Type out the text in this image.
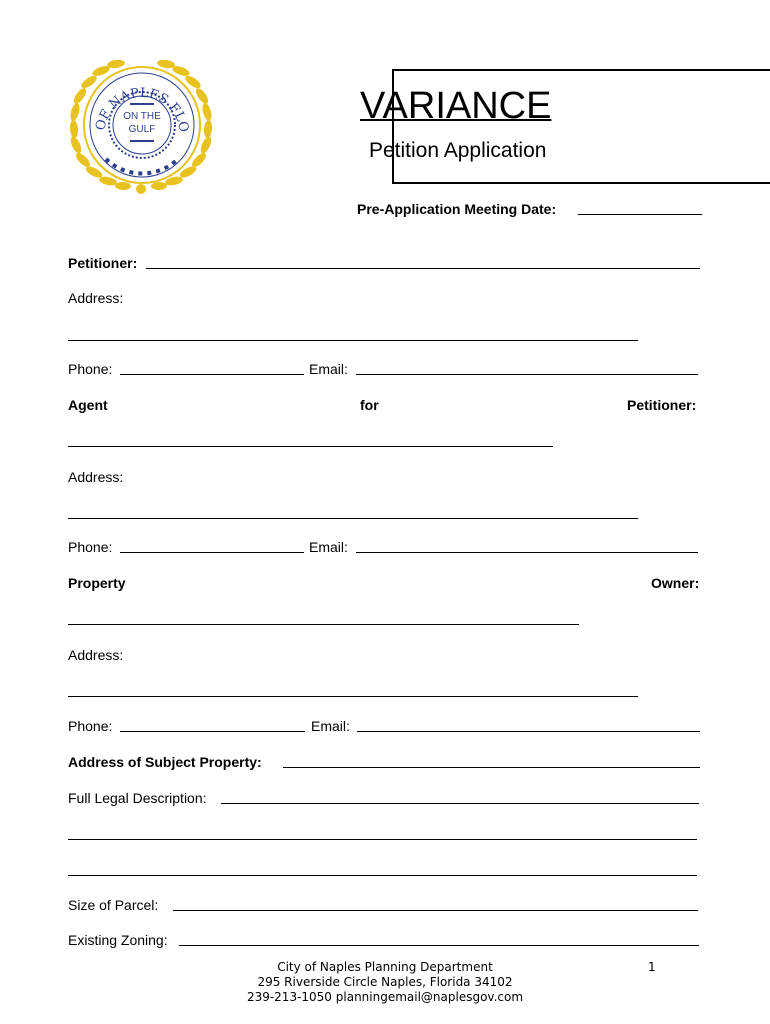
OF NAPLES FLO
ON THE
GULF
VARIANCE
Petition Application
Pre-Application Meeting Date:
Petitioner:
Address:
Phone:	Email:
Agent	for	Petitioner:
Address:
Phone:	Email:
Property	Owner:
Address:
Phone:	Email:
Address of Subject Property:
Full Legal Description:
Size of Parcel:
Existing Zoning:
City of Naples Planning Department
295 Riverside Circle Naples, Florida 34102
239-213-1050 planningemail@naplesgov.com
1
